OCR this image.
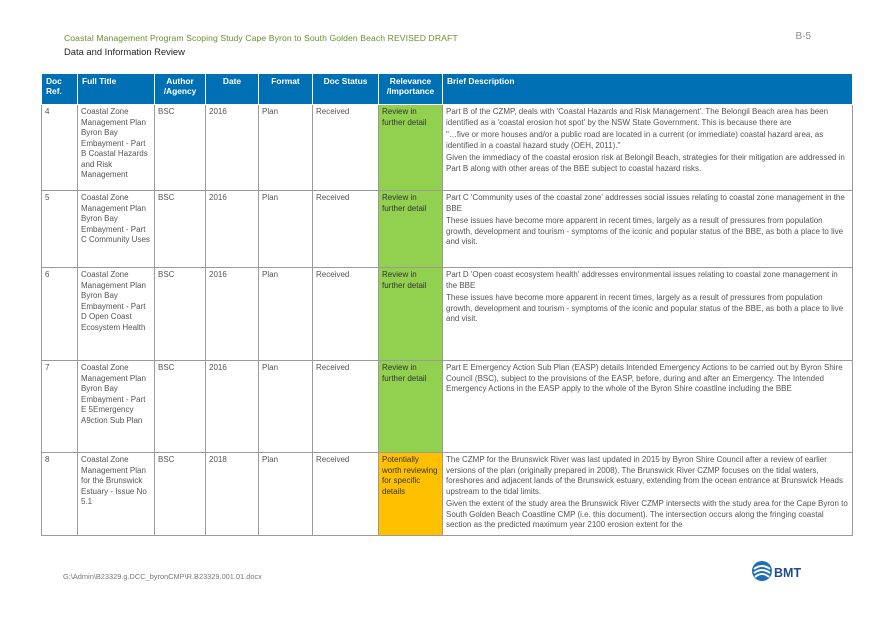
Coastal Management Program Scoping Study Cape Byron to South Golden Beach REVISED DRAFT	B-5
Data and Information Review
Doc Ref.	Full Title	Author /Agency	Date	Format	Doc Status	Relevance /Importance	Brief Description
4	Coastal Zone Management Plan Byron Bay Embayment - Part B Coastal Hazards and Risk Management	BSC	2016	Plan	Received	Review in further detail	Part B of the CZMP, deals with 'Coastal Hazards and Risk Management'. The Belongil Beach area has been identified as a 'coastal erosion hot spot' by the NSW State Government. This is because there are

"…five or more houses and/or a public road are located in a current (or immediate) coastal hazard area, as identified in a coastal hazard study (OEH, 2011)."

Given the immediacy of the coastal erosion risk at Belongil Beach, strategies for their mitigation are addressed in Part B along with other areas of the BBE subject to coastal hazard risks.

5	Coastal Zone Management Plan Byron Bay Embayment - Part C Community Uses	BSC	2016	Plan	Received	Review in further detail	Part C 'Community uses of the coastal zone' addresses social issues relating to coastal zone management in the BBE

These issues have become more apparent in recent times, largely as a result of pressures from population growth, development and tourism - symptoms of the iconic and popular status of the BBE, as both a place to live and visit.

6	Coastal Zone Management Plan Byron Bay Embayment - Part D Open Coast Ecosystem Health	BSC	2016	Plan	Received	Review in further detail	Part D 'Open coast ecosystem health' addresses environmental issues relating to coastal zone management in the BBE

These issues have become more apparent in recent times, largely as a result of pressures from population growth, development and tourism - symptoms of the iconic and popular status of the BBE, as both a place to live and visit.

7	Coastal Zone Management Plan Byron Bay Embayment - Part E 5Emergency A9ction Sub Plan	BSC	2016	Plan	Received	Review in further detail	Part E Emergency Action Sub Plan (EASP) details Intended Emergency Actions to be carried out by Byron Shire Council (BSC), subject to the provisions of the EASP, before, during and after an Emergency. The Intended Emergency Actions in the EASP apply to the whole of the Byron Shire coastline including the BBE

8	Coastal Zone Management Plan for the Brunswick Estuary - Issue No 5.1	BSC	2018	Plan	Received	Potentially worth reviewing for specific details	The CZMP for the Brunswick River was last updated in 2015 by Byron Shire Council after a review of earlier versions of the plan (originally prepared in 2008). The Brunswick River CZMP focuses on the tidal waters, foreshores and adjacent lands of the Brunswick estuary, extending from the ocean entrance at Brunswick Heads upstream to the tidal limits.

Given the extent of the study area the Brunswick River CZMP intersects with the study area for the Cape Byron to South Golden Beach Coastline CMP (i.e. this document). The intersection occurs along the fringing coastal section as the predicted maximum year 2100 erosion extent for the

G:\Admin\B23329.g.DCC_byronCMP\R.B23329.001.01.docx	BMT
